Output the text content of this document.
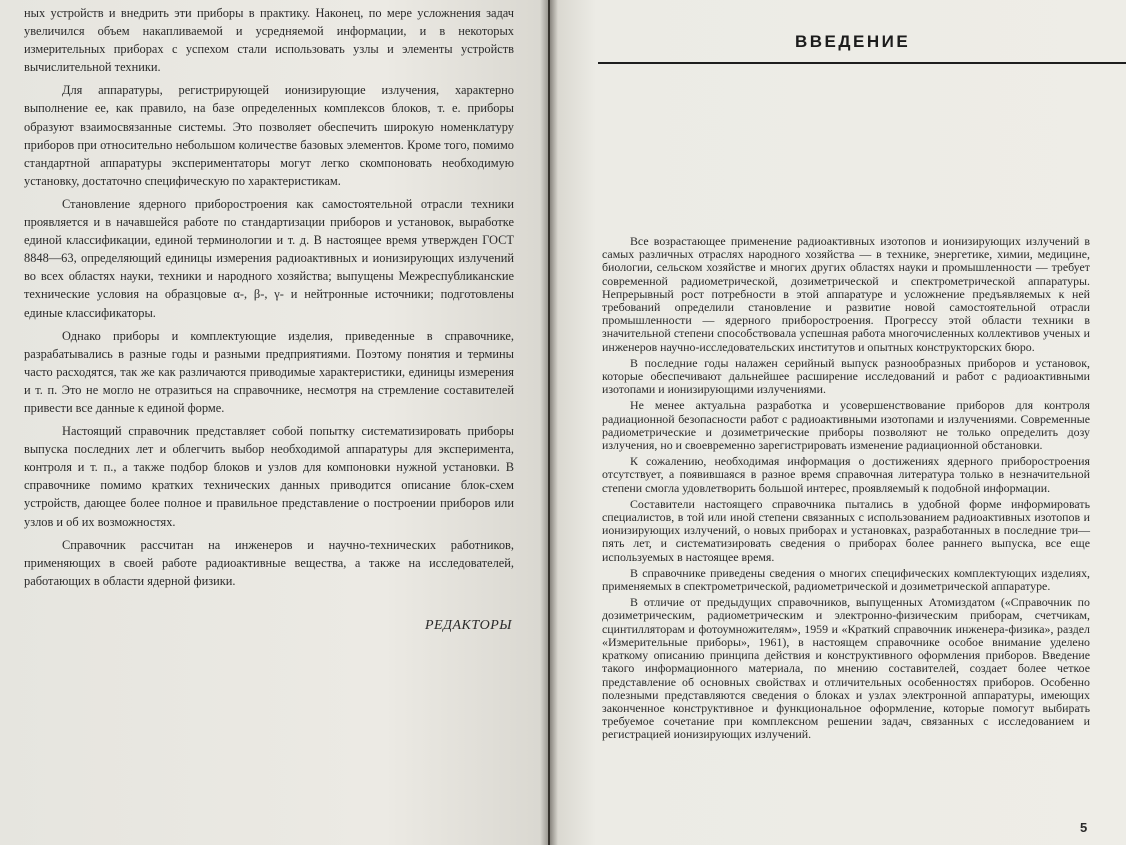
ных устройств и внедрить эти приборы в практику. Наконец, по мере усложнения задач увеличился объем накапливаемой и усредняемой информации, и в некоторых измерительных приборах с успехом стали использовать узлы и элементы устройств вычислительной техники.

Для аппаратуры, регистрирующей ионизирующие излучения, характерно выполнение ее, как правило, на базе определенных комплексов блоков, т. е. приборы образуют взаимосвязанные системы. Это позволяет обеспечить широкую номенклатуру приборов при относительно небольшом количестве базовых элементов. Кроме того, помимо стандартной аппаратуры экспериментаторы могут легко скомпоновать необходимую установку, достаточно специфическую по характеристикам.

Становление ядерного приборостроения как самостоятельной отрасли техники проявляется и в начавшейся работе по стандартизации приборов и установок, выработке единой классификации, единой терминологии и т. д. В настоящее время утвержден ГОСТ 8848—63, определяющий единицы измерения радиоактивных и ионизирующих излучений во всех областях науки, техники и народного хозяйства; выпущены Межреспубликанские технические условия на образцовые α-, β-, γ- и нейтронные источники; подготовлены единые классификаторы.

Однако приборы и комплектующие изделия, приведенные в справочнике, разрабатывались в разные годы и разными предприятиями. Поэтому понятия и термины часто расходятся, так же как различаются приводимые характеристики, единицы измерения и т. п. Это не могло не отразиться на справочнике, несмотря на стремление составителей привести все данные к единой форме.

Настоящий справочник представляет собой попытку систематизировать приборы выпуска последних лет и облегчить выбор необходимой аппаратуры для эксперимента, контроля и т. п., а также подбор блоков и узлов для компоновки нужной установки. В справочнике помимо кратких технических данных приводится описание блок-схем устройств, дающее более полное и правильное представление о построении приборов или узлов и об их возможностях.

Справочник рассчитан на инженеров и научно-технических работников, применяющих в своей работе радиоактивные вещества, а также на исследователей, работающих в области ядерной физики.

РЕДАКТОРЫ
ВВЕДЕНИЕ

Все возрастающее применение радиоактивных изотопов и ионизирующих излучений в самых различных отраслях народного хозяйства — в технике, энергетике, химии, медицине, биологии, сельском хозяйстве и многих других областях науки и промышленности — требует современной радиометрической, дозиметрической и спектрометрической аппаратуры. Непрерывный рост потребности в этой аппаратуре и усложнение предъявляемых к ней требований определили становление и развитие новой самостоятельной отрасли промышленности — ядерного приборостроения. Прогрессу этой области техники в значительной степени способствовала успешная работа многочисленных коллективов ученых и инженеров научно-исследовательских институтов и опытных конструкторских бюро.

В последние годы налажен серийный выпуск разнообразных приборов и установок, которые обеспечивают дальнейшее расширение исследований и работ с радиоактивными изотопами и ионизирующими излучениями.

Не менее актуальна разработка и усовершенствование приборов для контроля радиационной безопасности работ с радиоактивными изотопами и излучениями. Современные радиометрические и дозиметрические приборы позволяют не только определить дозу излучения, но и своевременно зарегистрировать изменение радиационной обстановки.

К сожалению, необходимая информация о достижениях ядерного приборостроения отсутствует, а появившаяся в разное время справочная литература только в незначительной степени смогла удовлетворить большой интерес, проявляемый к подобной информации.

Составители настоящего справочника пытались в удобной форме информировать специалистов, в той или иной степени связанных с использованием радиоактивных изотопов и ионизирующих излучений, о новых приборах и установках, разработанных в последние три—пять лет, и систематизировать сведения о приборах более раннего выпуска, все еще используемых в настоящее время.

В справочнике приведены сведения о многих специфических комплектующих изделиях, применяемых в спектрометрической, радиометрической и дозиметрической аппаратуре.

В отличие от предыдущих справочников, выпущенных Атомиздатом («Справочник по дозиметрическим, радиометрическим и электронно-физическим приборам, счетчикам, сцинтилляторам и фотоумножителям», 1959 и «Краткий справочник инженера-физика», раздел «Измерительные приборы», 1961), в настоящем справочнике особое внимание уделено краткому описанию принципа действия и конструктивного оформления приборов. Введение такого информационного материала, по мнению составителей, создает более четкое представление об основных свойствах и отличительных особенностях приборов. Особенно полезными представляются сведения о блоках и узлах электронной аппаратуры, имеющих законченное конструктивное и функциональное оформление, которые помогут выбирать требуемое сочетание при комплексном решении задач, связанных с исследованием и регистрацией ионизирующих излучений.

5
